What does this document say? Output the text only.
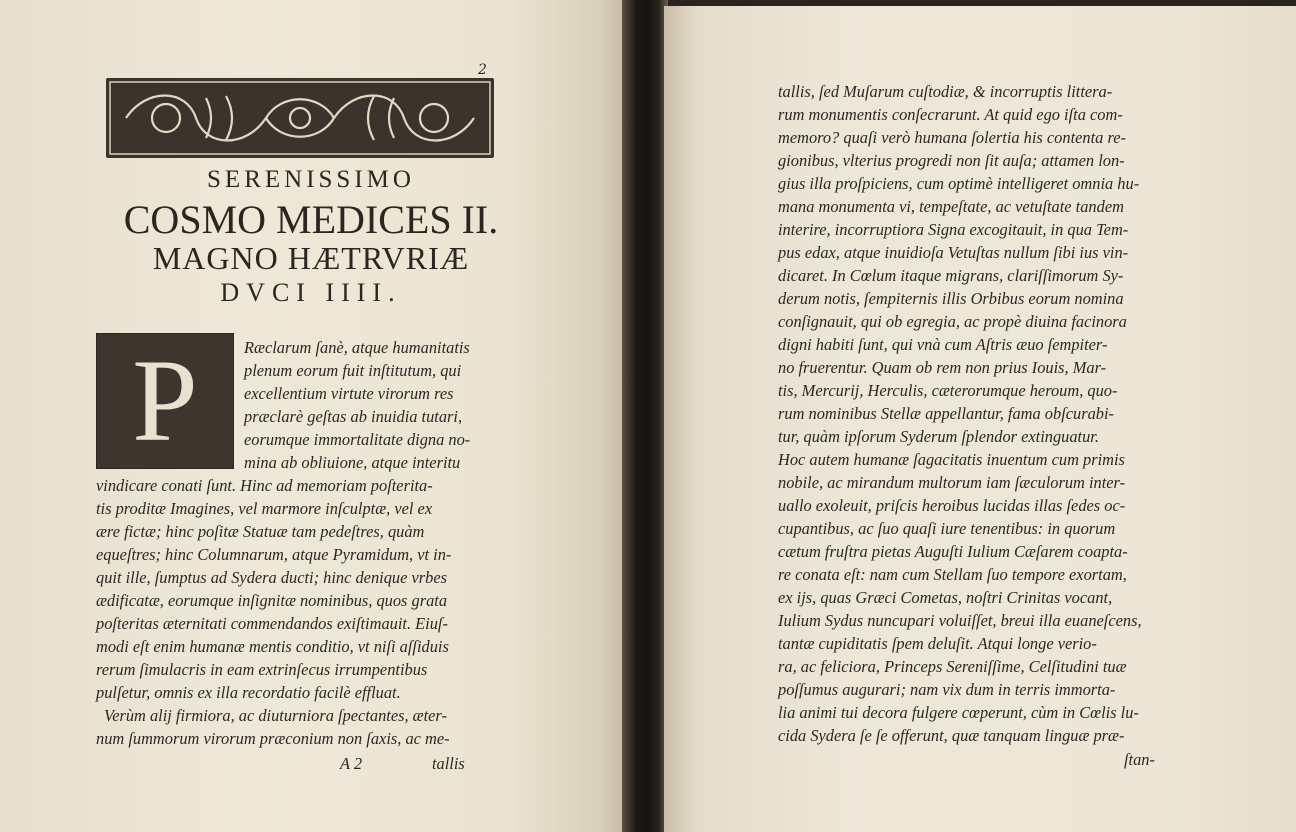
2
SERENISSIMO
COSMO MEDICES II.
MAGNO HÆTRVRIÆ
DVCI IIII.
P	Ræclarum ſanè, atque humanitatis
plenum eorum fuit inſtitutum, qui
excellentium virtute virorum res
præclarè geſtas ab inuidia tutari,
eorumque immortalitate digna no-
mina ab obliuione, atque interitu
vindicare conati ſunt. Hinc ad memoriam poſterita-
tis proditæ Imagines, vel marmore inſculptæ, vel ex
ære fictæ; hinc poſitæ Statuæ tam pedeſtres, quàm
equeſtres; hinc Columnarum, atque Pyramidum, vt in-
quit ille, ſumptus ad Sydera ducti; hinc denique vrbes
ædificatæ, eorumque inſignitæ nominibus, quos grata
poſteritas æternitati commendandos exiſtimauit. Eiuſ-
modi eſt enim humanæ mentis conditio, vt niſi aſſiduis
rerum ſimulacris in eam extrinſecus irrumpentibus
pulſetur, omnis ex illa recordatio facilè effluat.
Verùm alij firmiora, ac diuturniora ſpectantes, æter-
num ſummorum virorum præconium non ſaxis, ac me-
A 2	tallis
tallis, ſed Muſarum cuſtodiæ, & incorruptis littera-
rum monumentis conſecrarunt. At quid ego iſta com-
memoro? quaſi verò humana ſolertia his contenta re-
gionibus, vlterius progredi non ſit auſa; attamen lon-
gius illa proſpiciens, cum optimè intelligeret omnia hu-
mana monumenta vi, tempeſtate, ac vetuſtate tandem
interire, incorruptiora Signa excogitauit, in qua Tem-
pus edax, atque inuidioſa Vetuſtas nullum ſibi ius vin-
dicaret. In Cœlum itaque migrans, clariſſimorum Sy-
derum notis, ſempiternis illis Orbibus eorum nomina
conſignauit, qui ob egregia, ac propè diuina facinora
digni habiti ſunt, qui vnà cum Aſtris æuo ſempiter-
no fruerentur. Quam ob rem non prius Iouis, Mar-
tis, Mercurij, Herculis, cæterorumque heroum, quo-
rum nominibus Stellæ appellantur, fama obſcurabi-
tur, quàm ipſorum Syderum ſplendor extinguatur.
Hoc autem humanæ ſagacitatis inuentum cum primis
nobile, ac mirandum multorum iam ſæculorum inter-
uallo exoleuit, priſcis heroibus lucidas illas ſedes oc-
cupantibus, ac ſuo quaſi iure tenentibus: in quorum
cætum fruſtra pietas Auguſti Iulium Cæſarem coapta-
re conata eſt: nam cum Stellam ſuo tempore exortam,
ex ijs, quas Græci Cometas, noſtri Crinitas vocant,
Iulium Sydus nuncupari voluiſſet, breui illa euaneſcens,
tantæ cupiditatis ſpem deluſit. Atqui longe verio-
ra, ac feliciora, Princeps Sereniſſime, Celſitudini tuæ
poſſumus augurari; nam vix dum in terris immorta-
lia animi tui decora fulgere cœperunt, cùm in Cœlis lu-
cida Sydera ſe ſe offerunt, quæ tanquam linguæ præ-
ſtan-
